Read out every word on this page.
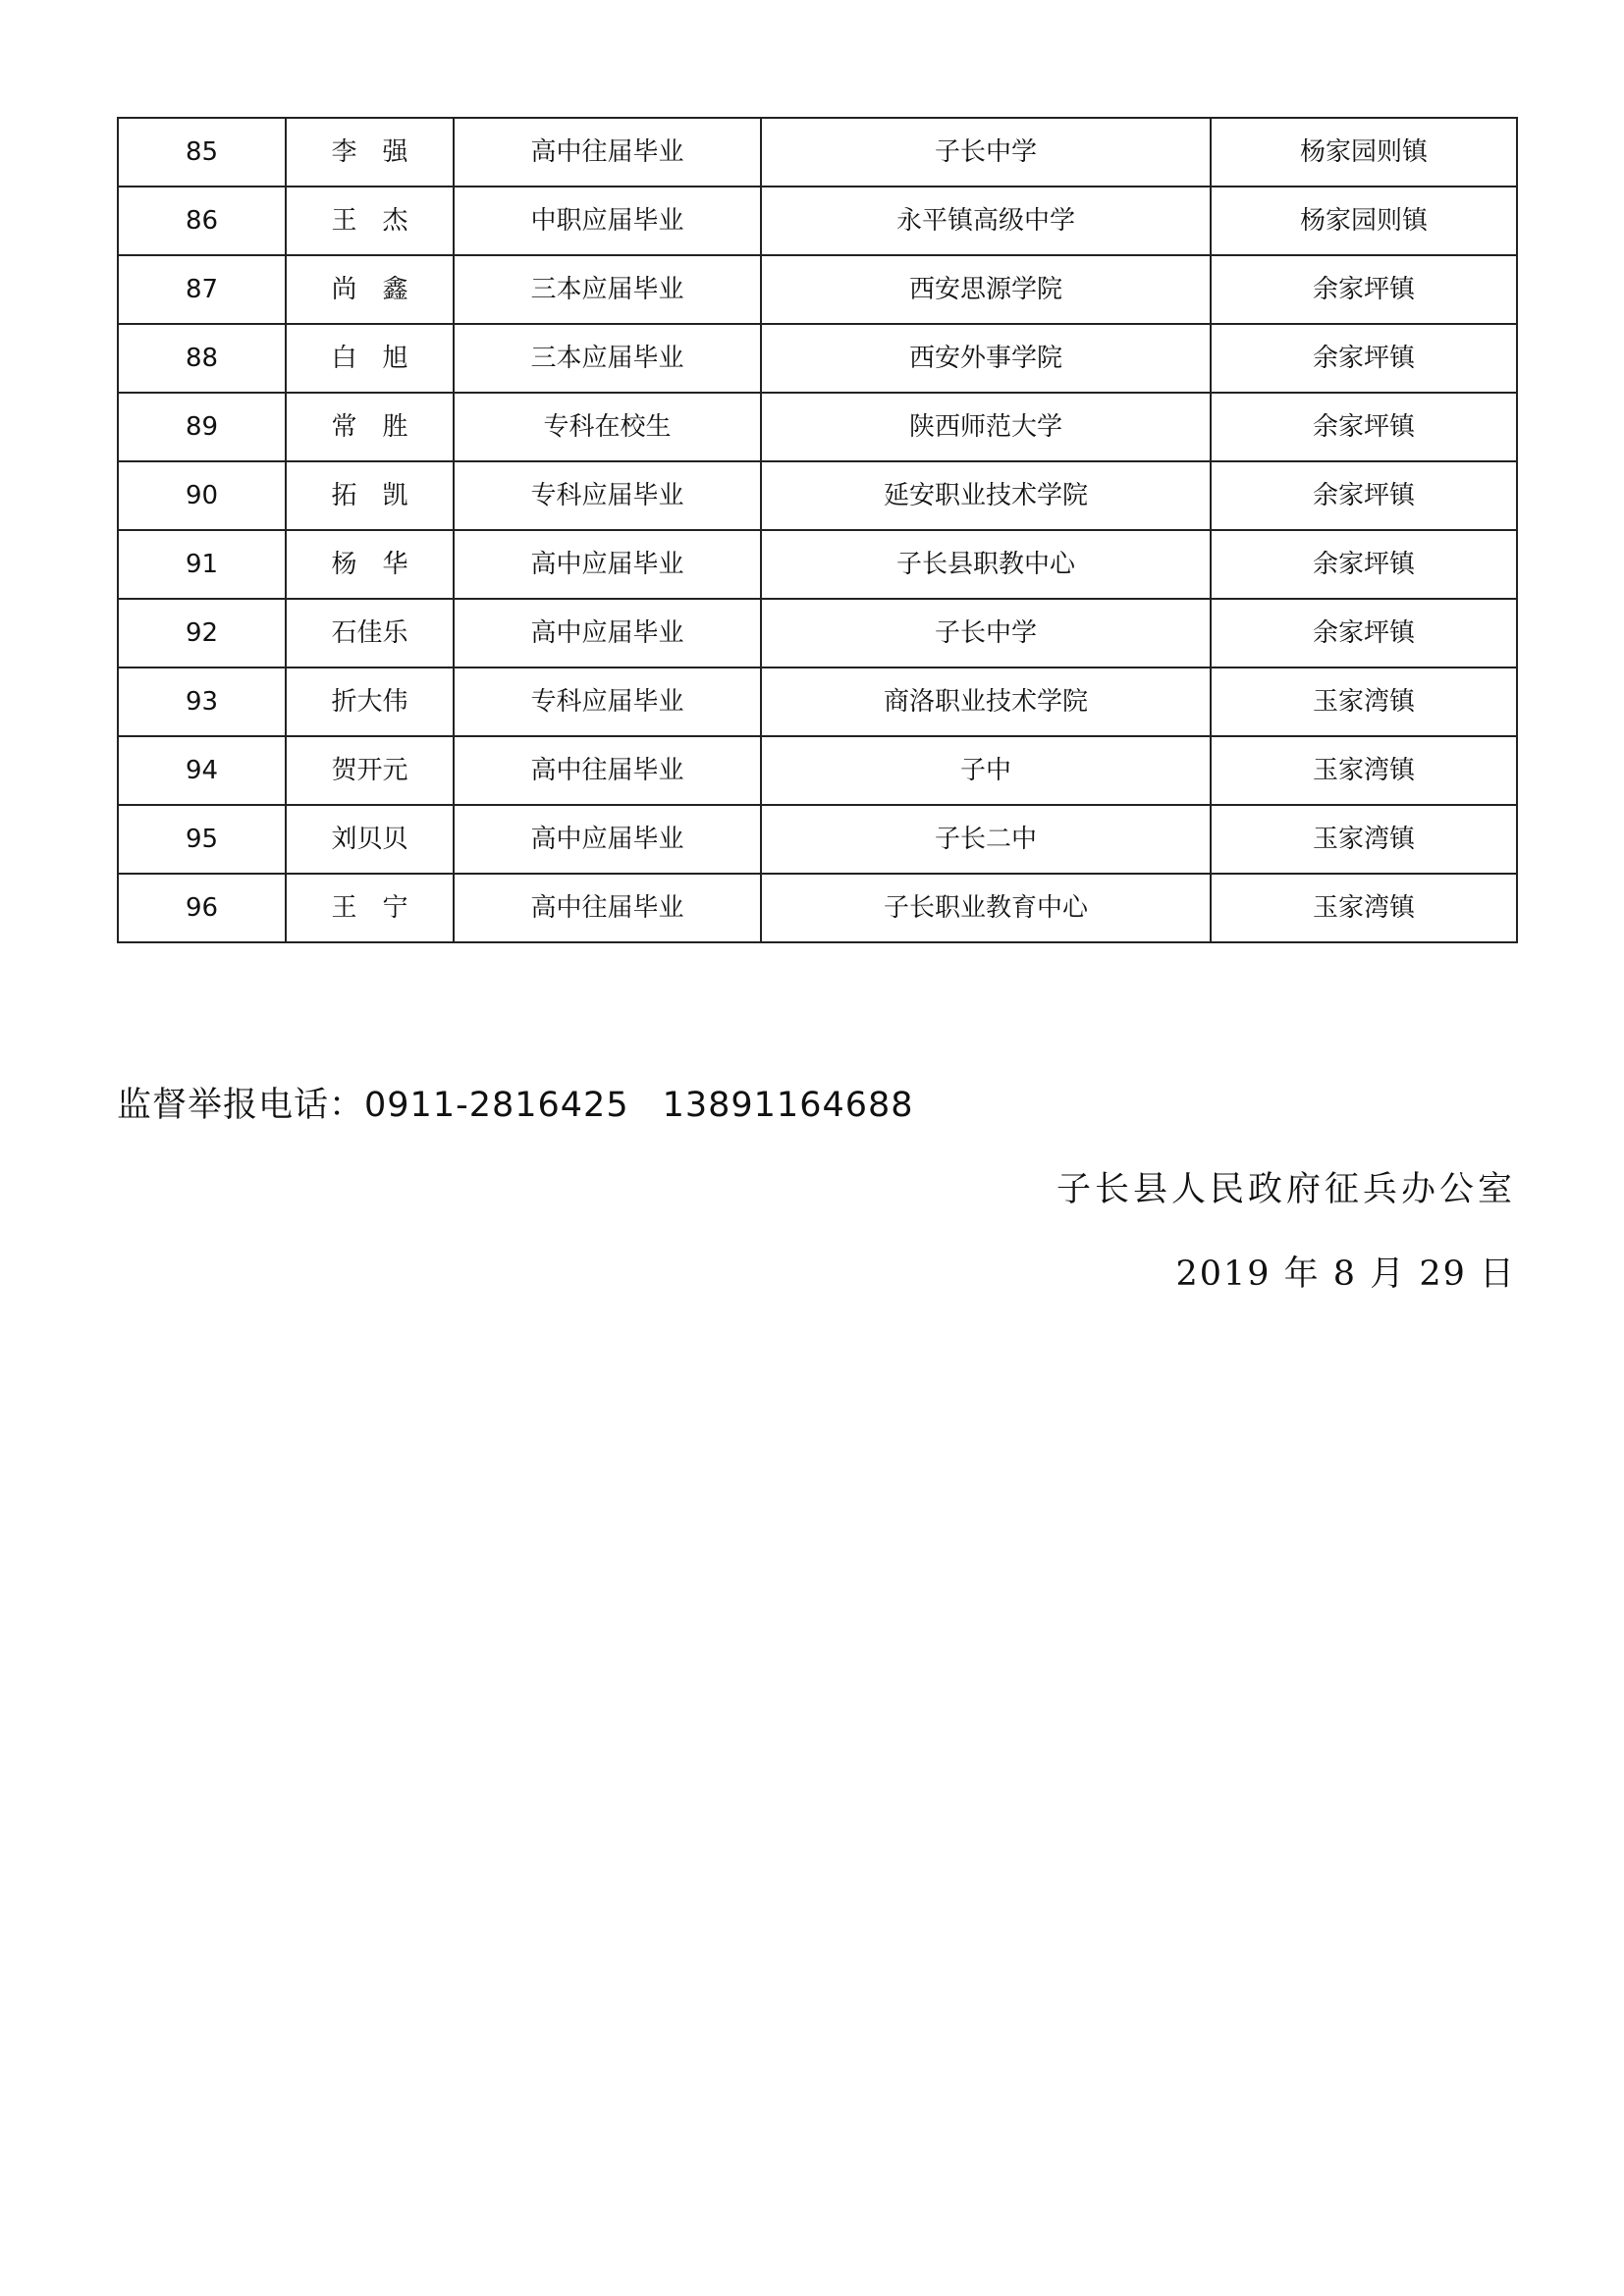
85	李　强	高中往届毕业	子长中学	杨家园则镇
86	王　杰	中职应届毕业	永平镇高级中学	杨家园则镇
87	尚　鑫	三本应届毕业	西安思源学院	余家坪镇
88	白　旭	三本应届毕业	西安外事学院	余家坪镇
89	常　胜	专科在校生	陕西师范大学	余家坪镇
90	拓　凯	专科应届毕业	延安职业技术学院	余家坪镇
91	杨　华	高中应届毕业	子长县职教中心	余家坪镇
92	石佳乐	高中应届毕业	子长中学	余家坪镇
93	折大伟	专科应届毕业	商洛职业技术学院	玉家湾镇
94	贺开元	高中往届毕业	子中	玉家湾镇
95	刘贝贝	高中应届毕业	子长二中	玉家湾镇
96	王　宁	高中往届毕业	子长职业教育中心	玉家湾镇
监督举报电话：0911-2816425 13891164688
子长县人民政府征兵办公室
2019 年 8 月 29 日
